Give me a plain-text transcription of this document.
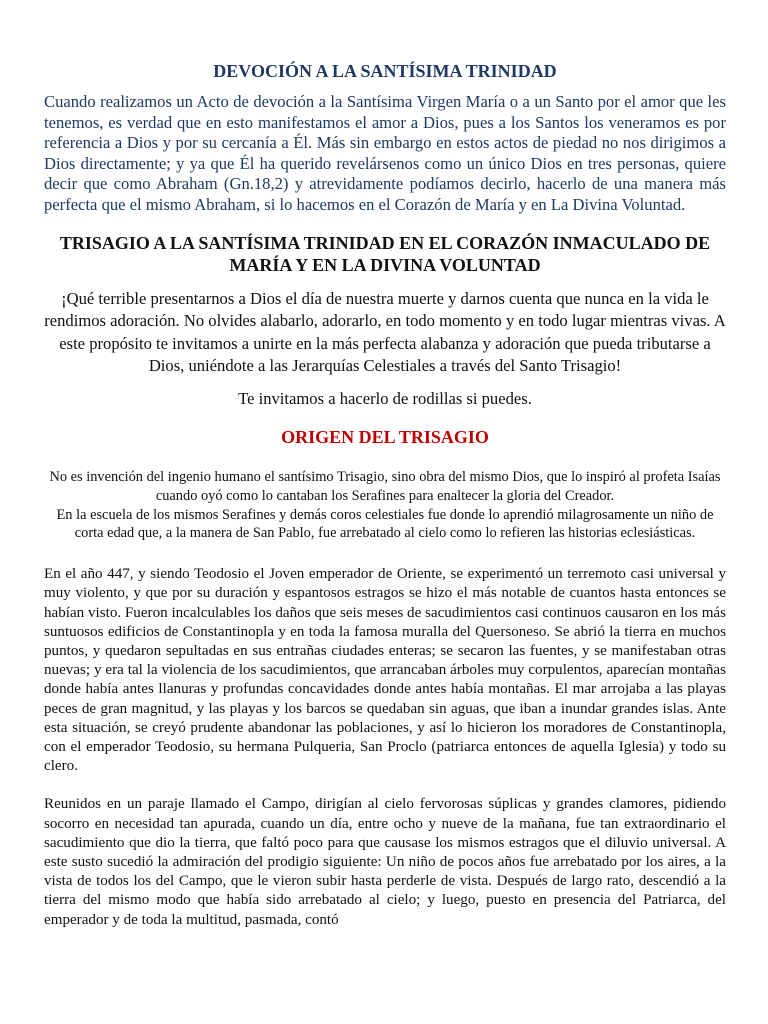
DEVOCIÓN A LA SANTÍSIMA TRINIDAD

Cuando realizamos un Acto de devoción a la Santísima Virgen María o a un Santo por el amor que les tenemos, es verdad que en esto manifestamos el amor a Dios, pues a los Santos los veneramos es por referencia a Dios y por su cercanía a Él. Más sin embargo en estos actos de piedad no nos dirigimos a Dios directamente; y ya que Él ha querido revelársenos como un único Dios en tres personas, quiere decir que como Abraham (Gn.18,2) y atrevidamente podíamos decirlo, hacerlo de una manera más perfecta que el mismo Abraham, si lo hacemos en el Corazón de María y en La Divina Voluntad.

TRISAGIO A LA SANTÍSIMA TRINIDAD EN EL CORAZÓN INMACULADO DE MARÍA Y EN LA DIVINA VOLUNTAD

¡Qué terrible presentarnos a Dios el día de nuestra muerte y darnos cuenta que nunca en la vida le rendimos adoración. No olvides alabarlo, adorarlo, en todo momento y en todo lugar mientras vivas. A este propósito te invitamos a unirte en la más perfecta alabanza y adoración que pueda tributarse a Dios, uniéndote a las Jerarquías Celestiales a través del Santo Trisagio!

Te invitamos a hacerlo de rodillas si puedes.

ORIGEN DEL TRISAGIO
No es invención del ingenio humano el santísimo Trisagio, sino obra del mismo Dios, que lo inspiró al profeta Isaías cuando oyó como lo cantaban los Serafines para enaltecer la gloria del Creador.
En la escuela de los mismos Serafines y demás coros celestiales fue donde lo aprendió milagrosamente un niño de corta edad que, a la manera de San Pablo, fue arrebatado al cielo como lo refieren las historias eclesiásticas.

En el año 447, y siendo Teodosio el Joven emperador de Oriente, se experimentó un terremoto casi universal y muy violento, y que por su duración y espantosos estragos se hizo el más notable de cuantos hasta entonces se habían visto. Fueron incalculables los daños que seis meses de sacudimientos casi continuos causaron en los más suntuosos edificios de Constantinopla y en toda la famosa muralla del Quersoneso. Se abrió la tierra en muchos puntos, y quedaron sepultadas en sus entrañas ciudades enteras; se secaron las fuentes, y se manifestaban otras nuevas; y era tal la violencia de los sacudimientos, que arrancaban árboles muy corpulentos, aparecían montañas donde había antes llanuras y profundas concavidades donde antes había montañas. El mar arrojaba a las playas peces de gran magnitud, y las playas y los barcos se quedaban sin aguas, que iban a inundar grandes islas. Ante esta situación, se creyó prudente abandonar las poblaciones, y así lo hicieron los moradores de Constantinopla, con el emperador Teodosio, su hermana Pulqueria, San Proclo (patriarca entonces de aquella Iglesia) y todo su clero.

Reunidos en un paraje llamado el Campo, dirigían al cielo fervorosas súplicas y grandes clamores, pidiendo socorro en necesidad tan apurada, cuando un día, entre ocho y nueve de la mañana, fue tan extraordinario el sacudimiento que dio la tierra, que faltó poco para que causase los mismos estragos que el diluvio universal. A este susto sucedió la admiración del prodigio siguiente: Un niño de pocos años fue arrebatado por los aires, a la vista de todos los del Campo, que le vieron subir hasta perderle de vista. Después de largo rato, descendió a la tierra del mismo modo que había sido arrebatado al cielo; y luego, puesto en presencia del Patriarca, del emperador y de toda la multitud, pasmada, contó
